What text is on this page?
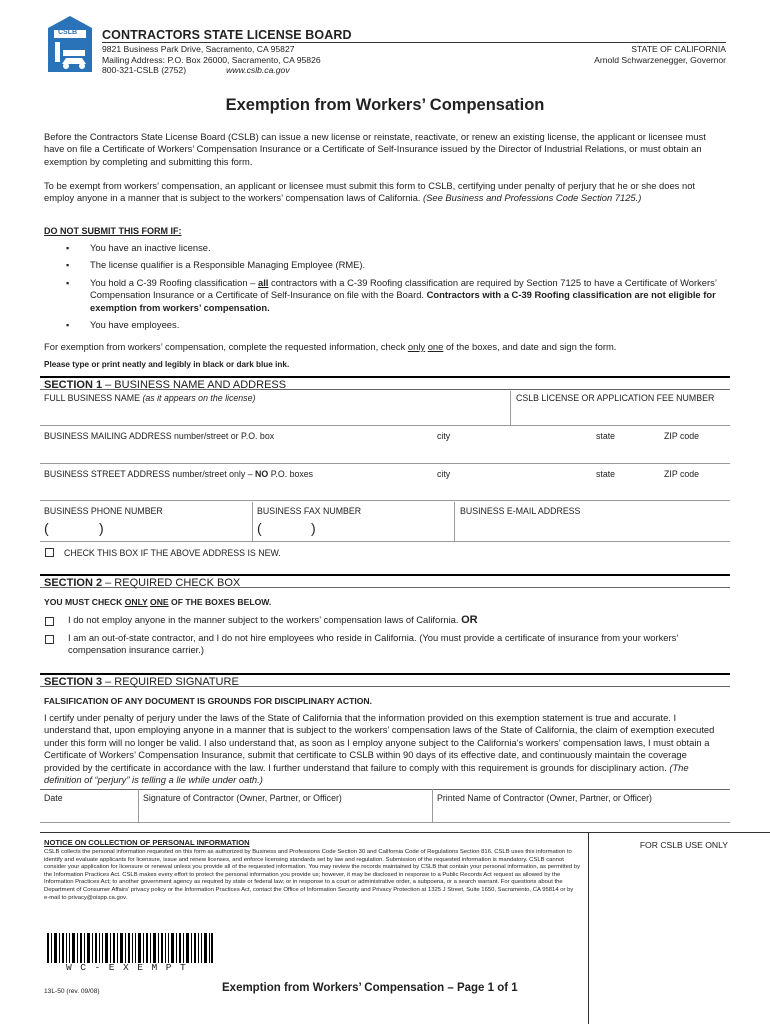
CSLB CONTRACTORS STATE LICENSE BOARD
9821 Business Park Drive, Sacramento, CA 95827
Mailing Address: P.O. Box 26000, Sacramento, CA 95826
800-321-CSLB (2752)	www.cslb.ca.gov
STATE OF CALIFORNIA
Arnold Schwarzenegger, Governor
Exemption from Workers’ Compensation
Before the Contractors State License Board (CSLB) can issue a new license or reinstate, reactivate, or renew an existing license, the applicant or licensee must have on file a Certificate of Workers’ Compensation Insurance or a Certificate of Self-Insurance issued by the Director of Industrial Relations, or must obtain an exemption by completing and submitting this form.
To be exempt from workers’ compensation, an applicant or licensee must submit this form to CSLB, certifying under penalty of perjury that he or she does not employ anyone in a manner that is subject to the workers’ compensation laws of California. (See Business and Professions Code Section 7125.)
DO NOT SUBMIT THIS FORM IF:
▪ You have an inactive license.
▪ The license qualifier is a Responsible Managing Employee (RME).
▪ You hold a C-39 Roofing classification – all contractors with a C-39 Roofing classification are required by Section 7125 to have a Certificate of Workers’ Compensation Insurance or a Certificate of Self-Insurance on file with the Board. Contractors with a C-39 Roofing classification are not eligible for exemption from workers’ compensation.
▪ You have employees.
For exemption from workers’ compensation, complete the requested information, check only one of the boxes, and date and sign the form.
Please type or print neatly and legibly in black or dark blue ink.
SECTION 1 – BUSINESS NAME AND ADDRESS
FULL BUSINESS NAME (as it appears on the license)	CSLB LICENSE OR APPLICATION FEE NUMBER
BUSINESS MAILING ADDRESS number/street or P.O. box	city	state	ZIP code
BUSINESS STREET ADDRESS number/street only – NO P.O. boxes	city	state	ZIP code
BUSINESS PHONE NUMBER	BUSINESS FAX NUMBER	BUSINESS E-MAIL ADDRESS
(	)	(	)
CHECK THIS BOX IF THE ABOVE ADDRESS IS NEW.
SECTION 2 – REQUIRED CHECK BOX
YOU MUST CHECK ONLY ONE OF THE BOXES BELOW.
I do not employ anyone in the manner subject to the workers’ compensation laws of California. OR
I am an out-of-state contractor, and I do not hire employees who reside in California. (You must provide a certificate of insurance from your workers’ compensation insurance carrier.)
SECTION 3 – REQUIRED SIGNATURE
FALSIFICATION OF ANY DOCUMENT IS GROUNDS FOR DISCIPLINARY ACTION.
I certify under penalty of perjury under the laws of the State of California that the information provided on this exemption statement is true and accurate. I understand that, upon employing anyone in a manner that is subject to the workers’ compensation laws of the State of California, the claim of exemption executed under this form will no longer be valid. I also understand that, as soon as I employ anyone subject to the California’s workers’ compensation laws, I must obtain a Certificate of Workers’ Compensation Insurance, submit that certificate to CSLB within 90 days of its effective date, and continuously maintain the coverage provided by the certificate in accordance with the law. I further understand that failure to comply with this requirement is grounds for disciplinary action. (The definition of “perjury” is telling a lie while under oath.)
Date	Signature of Contractor (Owner, Partner, or Officer)	Printed Name of Contractor (Owner, Partner, or Officer)
NOTICE ON COLLECTION OF PERSONAL INFORMATION
CSLB collects the personal information requested on this form as authorized by Business and Professions Code Section 30 and California Code of Regulations Section 816. CSLB uses this information to identify and evaluate applicants for licensure, issue and renew licenses, and enforce licensing standards set by law and regulation. Submission of the requested information is mandatory. CSLB cannot consider your application for licensure or renewal unless you provide all of the requested information. You may review the records maintained by CSLB that contain your personal information, as permitted by the Information Practices Act. CSLB makes every effort to protect the personal information you provide us; however, it may be disclosed in response to a Public Records Act request as allowed by the Information Practices Act; to another government agency as required by state or federal law; or in response to a court or administrative order, a subpoena, or a search warrant. For questions about the Department of Consumer Affairs’ privacy policy or the Information Practices Act, contact the Office of Information Security and Privacy Protection at 1325 J Street, Suite 1650, Sacramento, CA 95814 or by e-mail to privacy@oispp.ca.gov.
FOR CSLB USE ONLY
WC-EXEMPT
13L-50 (rev. 09/08)	Exemption from Workers’ Compensation – Page 1 of 1
